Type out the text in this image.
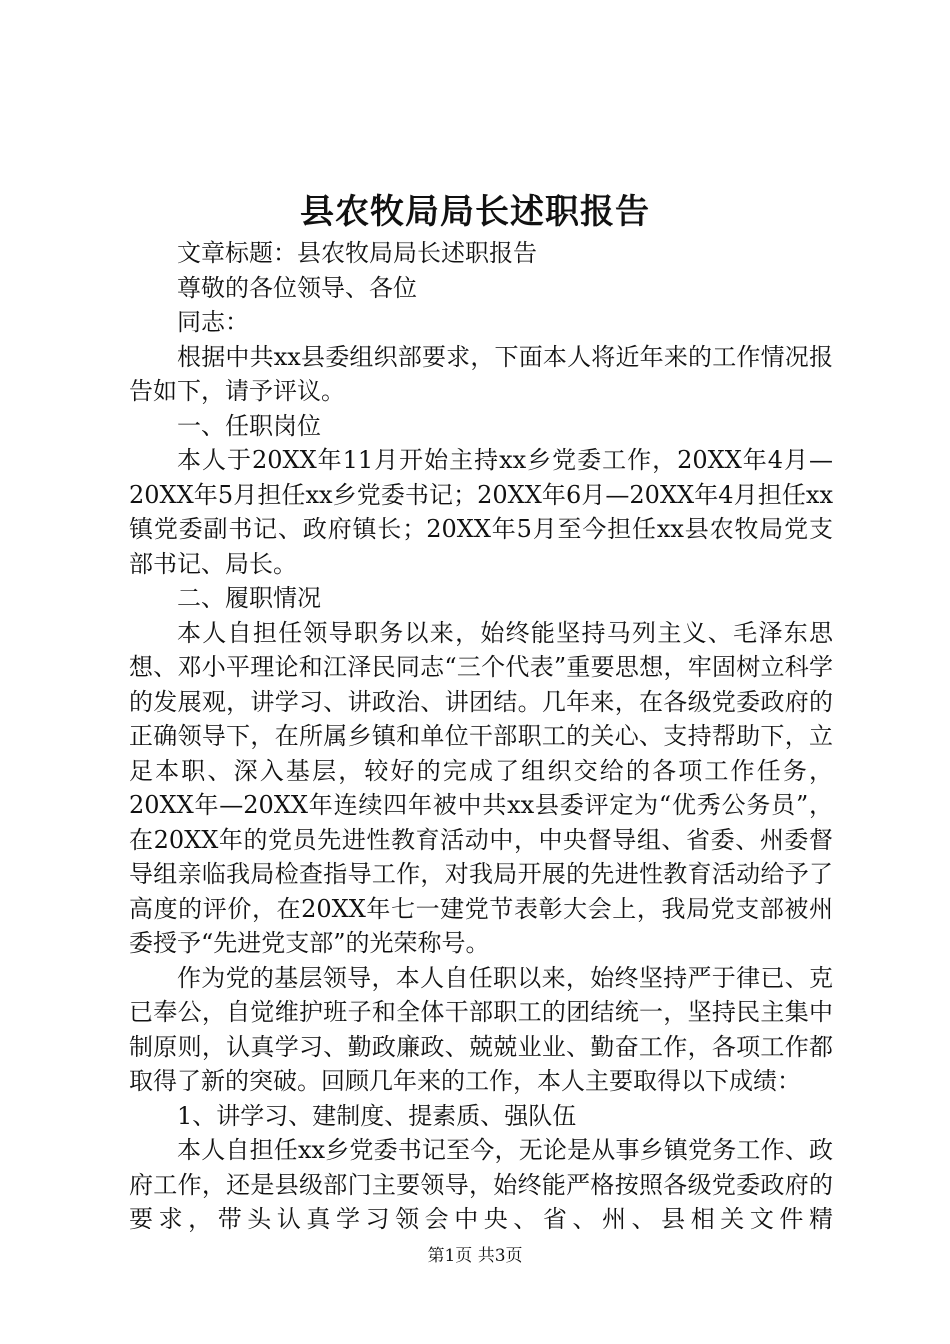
县农牧局局长述职报告

文章标题：县农牧局局长述职报告

尊敬的各位领导、各位

同志：

根据中共xx县委组织部要求，下面本人将近年来的工作情况报告如下，请予评议。

一、任职岗位

本人于20XX年11月开始主持xx乡党委工作，20XX年4月—20XX年5月担任xx乡党委书记；20XX年6月—20XX年4月担任xx镇党委副书记、政府镇长；20XX年5月至今担任xx县农牧局党支部书记、局长。

二、履职情况

本人自担任领导职务以来，始终能坚持马列主义、毛泽东思想、邓小平理论和江泽民同志“三个代表”重要思想，牢固树立科学的发展观，讲学习、讲政治、讲团结。几年来，在各级党委政府的正确领导下，在所属乡镇和单位干部职工的关心、支持帮助下，立足本职、深入基层，较好的完成了组织交给的各项工作任务，20XX年—20XX年连续四年被中共xx县委评定为“优秀公务员”，在20XX年的党员先进性教育活动中，中央督导组、省委、州委督导组亲临我局检查指导工作，对我局开展的先进性教育活动给予了高度的评价，在20XX年七一建党节表彰大会上，我局党支部被州委授予“先进党支部”的光荣称号。

作为党的基层领导，本人自任职以来，始终坚持严于律已、克已奉公，自觉维护班子和全体干部职工的团结统一，坚持民主集中制原则，认真学习、勤政廉政、兢兢业业、勤奋工作，各项工作都取得了新的突破。回顾几年来的工作，本人主要取得以下成绩：

1、讲学习、建制度、提素质、强队伍

本人自担任xx乡党委书记至今，无论是从事乡镇党务工作、政府工作，还是县级部门主要领导，始终能严格按照各级党委政府的要求，带头认真学习领会中央、省、州、县相关文件精

第1页 共3页
